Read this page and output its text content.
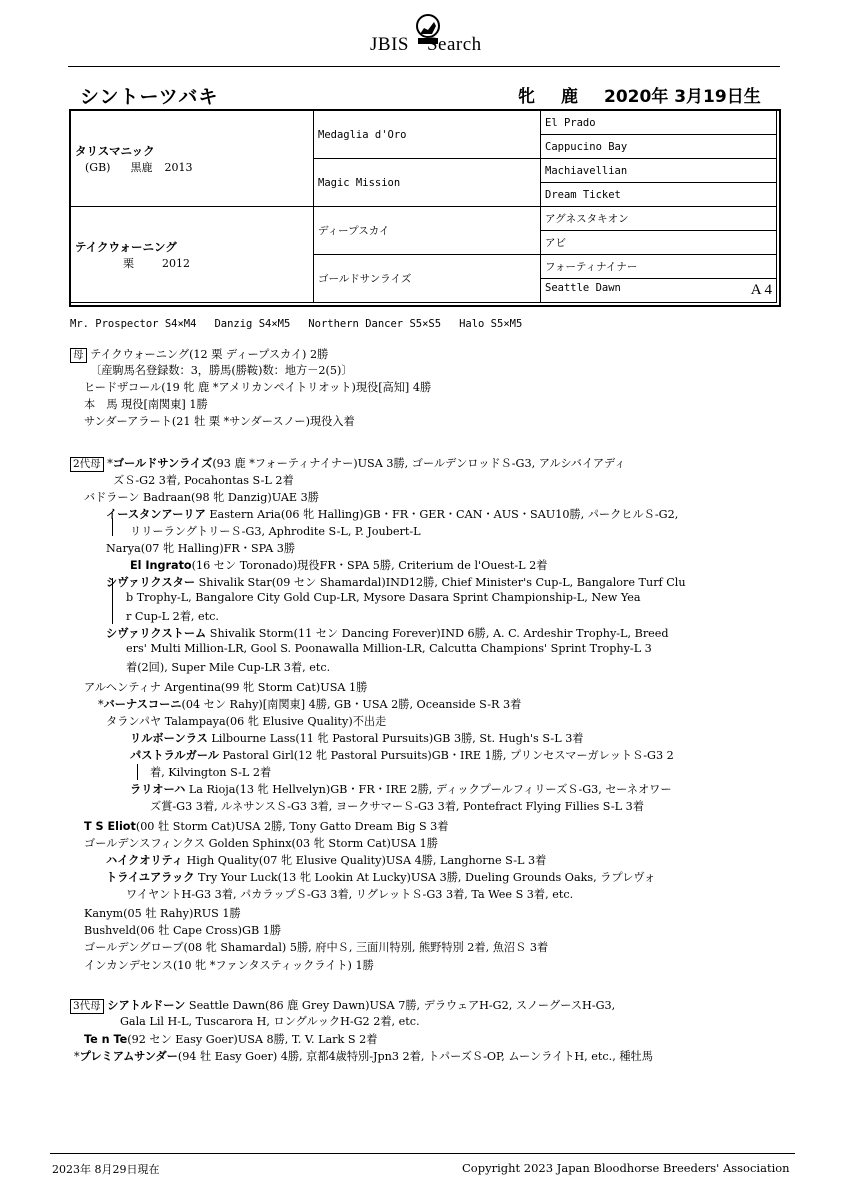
JBIS Search
シントーツバキ	牝 鹿 2020年 3月19日生
タリスマニック
(GB) 黒鹿 2013	Medaglia d'Oro	El Prado
		Cappucino Bay
	Magic Mission	Machiavellian
		Dream Ticket

テイクウォーニング
栗 2012	ディープスカイ	アグネスタキオン
		アビ
	ゴールドサンライズ	フォーティナイナー
		Seattle Dawn A 4
Mr. Prospector S4×M4 Danzig S4×M5 Northern Dancer S5×S5 Halo S5×M5
母 テイクウォーニング(12 栗 ディープスカイ) 2勝
〔産駒馬名登録数：3，勝馬(勝鞍)数：地方－2(5)〕
ヒードザコール(19 牝 鹿 *アメリカンペイトリオット)現役[高知] 4勝
本　馬 現役[南関東] 1勝
サンダーアラート(21 牡 栗 *サンダースノー)現役入着
2代母 *ゴールドサンライズ(93 鹿 *フォーティナイナー)USA 3勝, ゴールデンロッドＳ-G3, アルシバイアディ
ズＳ-G2 3着, Pocahontas S-L 2着
バドラーン Badraan(98 牝 Danzig)UAE 3勝
イースタンアーリア Eastern Aria(06 牝 Halling)GB・FR・GER・CAN・AUS・SAU10勝, パークヒルＳ-G2,
リリーラングトリーＳ-G3, Aphrodite S-L, P. Joubert-L
Narya(07 牝 Halling)FR・SPA 3勝
El Ingrato(16 セン Toronado)現役FR・SPA 5勝, Criterium de l'Ouest-L 2着
シヴァリクスター Shivalik Star(09 セン Shamardal)IND12勝, Chief Minister's Cup-L, Bangalore Turf Clu
b Trophy-L, Bangalore City Gold Cup-LR, Mysore Dasara Sprint Championship-L, New Yea
r Cup-L 2着, etc.
シヴァリクストーム Shivalik Storm(11 セン Dancing Forever)IND 6勝, A. C. Ardeshir Trophy-L, Breed
ers' Multi Million-LR, Gool S. Poonawalla Million-LR, Calcutta Champions' Sprint Trophy-L 3
着(2回), Super Mile Cup-LR 3着, etc.
アルヘンティナ Argentina(99 牝 Storm Cat)USA 1勝
*バーナスコーニ(04 セン Rahy)[南関東] 4勝, GB・USA 2勝, Oceanside S-R 3着
タランパヤ Talampaya(06 牝 Elusive Quality)不出走
リルボーンラス Lilbourne Lass(11 牝 Pastoral Pursuits)GB 3勝, St. Hugh's S-L 3着
パストラルガール Pastoral Girl(12 牝 Pastoral Pursuits)GB・IRE 1勝, プリンセスマーガレットＳ-G3 2
着, Kilvington S-L 2着
ラリオーハ La Rioja(13 牝 Hellvelyn)GB・FR・IRE 2勝, ディックプールフィリーズＳ-G3, セーネオワー
ズ賞-G3 3着, ルネサンスＳ-G3 3着, ヨークサマーＳ-G3 3着, Pontefract Flying Fillies S-L 3着
T S Eliot(00 牡 Storm Cat)USA 2勝, Tony Gatto Dream Big S 3着
ゴールデンスフィンクス Golden Sphinx(03 牝 Storm Cat)USA 1勝
ハイクオリティ High Quality(07 牝 Elusive Quality)USA 4勝, Langhorne S-L 3着
トライユアラック Try Your Luck(13 牝 Lookin At Lucky)USA 3勝, Dueling Grounds Oaks, ラプレヴォ
ワイヤントH-G3 3着, パカラップＳ-G3 3着, リグレットＳ-G3 3着, Ta Wee S 3着, etc.
Kanym(05 牡 Rahy)RUS 1勝
Bushveld(06 牡 Cape Cross)GB 1勝
ゴールデングローブ(08 牝 Shamardal) 5勝, 府中Ｓ, 三面川特別, 熊野特別 2着, 魚沼Ｓ 3着
インカンデセンス(10 牝 *ファンタスティックライト) 1勝
3代母 シアトルドーン Seattle Dawn(86 鹿 Grey Dawn)USA 7勝, デラウェアH-G2, スノーグースH-G3,
Gala Lil H-L, Tuscarora H, ロングルックH-G2 2着, etc.
Te n Te(92 セン Easy Goer)USA 8勝, T. V. Lark S 2着
*プレミアムサンダー(94 牡 Easy Goer) 4勝, 京都4歳特別-Jpn3 2着, トパーズＳ-OP, ムーンライトH, etc., 種牡馬
2023年 8月29日現在	Copyright 2023 Japan Bloodhorse Breeders' Association
